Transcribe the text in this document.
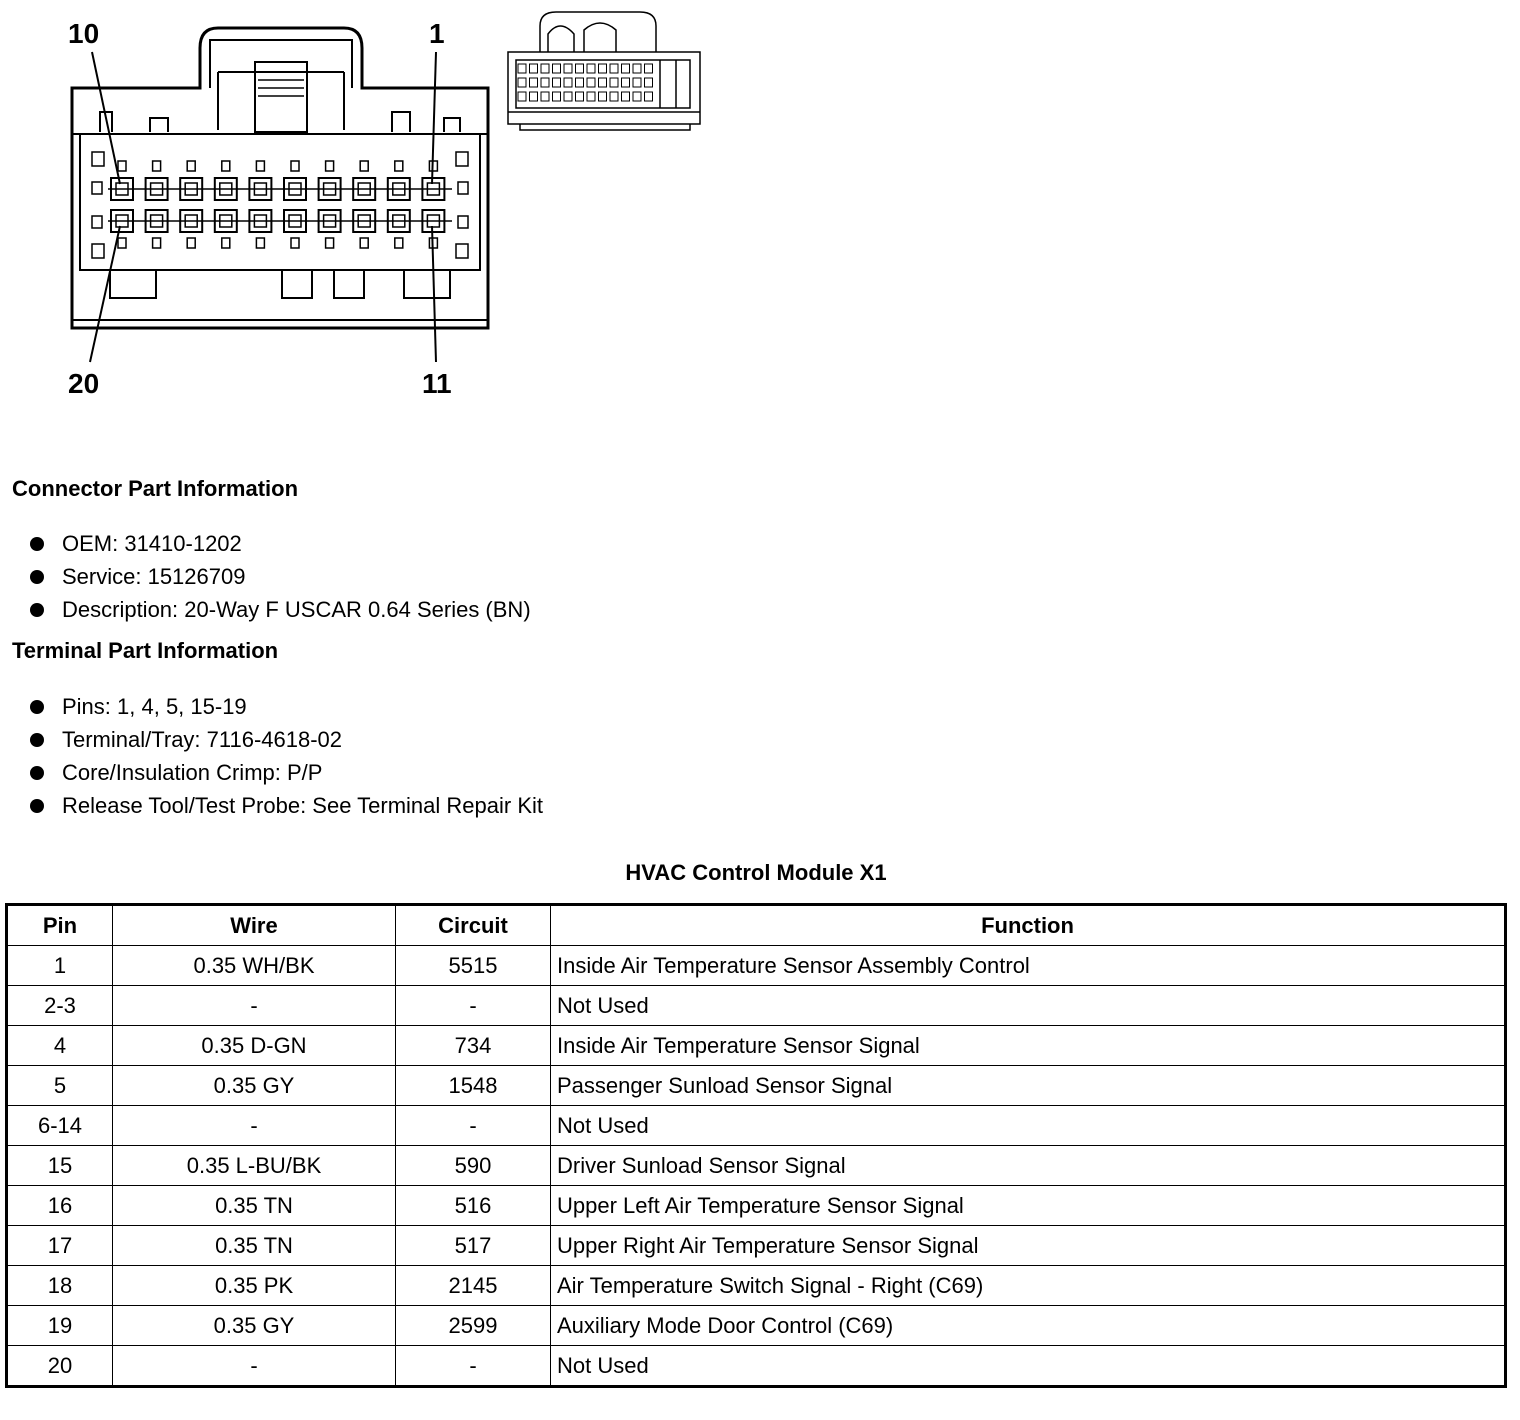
10	1
20	11
Connector Part Information
OEM: 31410-1202
Service: 15126709
Description: 20-Way F USCAR 0.64 Series (BN)
Terminal Part Information
Pins: 1, 4, 5, 15-19
Terminal/Tray: 7116-4618-02
Core/Insulation Crimp: P/P
Release Tool/Test Probe: See Terminal Repair Kit
HVAC Control Module X1
Pin	Wire	Circuit	Function
1	0.35 WH/BK	5515	Inside Air Temperature Sensor Assembly Control
2-3	-	-	Not Used
4	0.35 D-GN	734	Inside Air Temperature Sensor Signal
5	0.35 GY	1548	Passenger Sunload Sensor Signal
6-14	-	-	Not Used
15	0.35 L-BU/BK	590	Driver Sunload Sensor Signal
16	0.35 TN	516	Upper Left Air Temperature Sensor Signal
17	0.35 TN	517	Upper Right Air Temperature Sensor Signal
18	0.35 PK	2145	Air Temperature Switch Signal - Right (C69)
19	0.35 GY	2599	Auxiliary Mode Door Control (C69)
20	-	-	Not Used
